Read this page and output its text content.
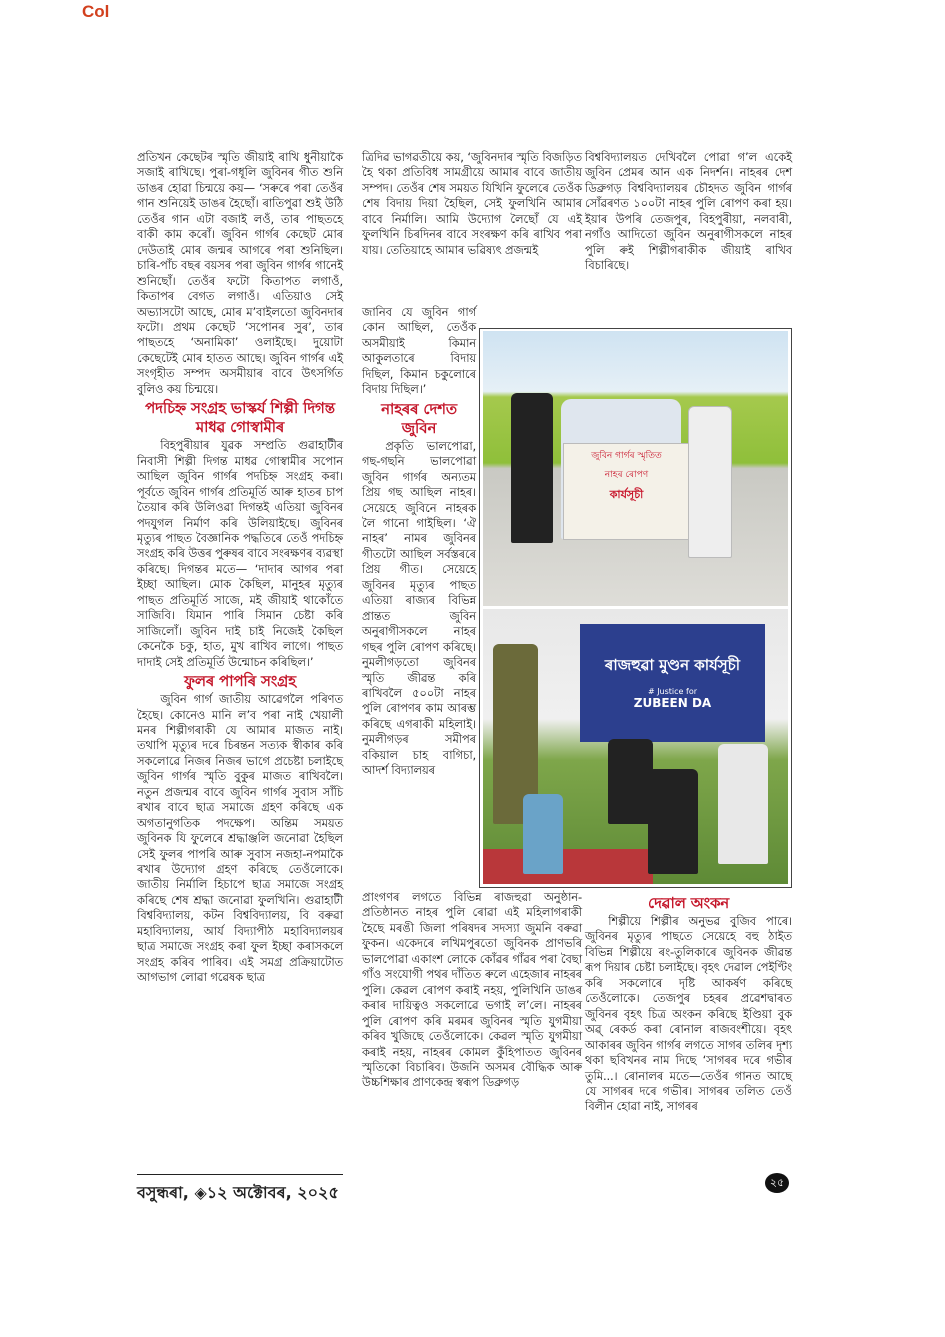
Col

প্ৰতিখন কেছেটৰ স্মৃতি জীয়াই ৰাখি ধুনীয়াকৈ সজাই ৰাখিছে। পুৰা-গধূলি জুবিনৰ গীত শুনি ডাঙৰ হোৱা চিন্ময়ে কয়— ‘সৰুৰে পৰা তেওঁৰ গান শুনিয়েই ডাঙৰ হৈছোঁ। ৰাতিপুৱা শুই উঠি তেওঁৰ গান এটা বজাই লওঁ, তাৰ পাছতহে বাকী কাম কৰোঁ। জুবিন গাৰ্গৰ কেছেট মোৰ দেউতাই মোৰ জন্মৰ আগৰে পৰা শুনিছিল। চাৰি-পাঁচ বছৰ বয়সৰ পৰা জুবিন গাৰ্গৰ গানেই শুনিছোঁ। তেওঁৰ ফটো কিতাপত লগাওঁ, কিতাপৰ বেগত লগাওঁ। এতিয়াও সেই অভ্যাসটো আছে, মোৰ ম’বাইলতো জুবিনদাৰ ফটো। প্ৰথম কেছেট ‘সপোনৰ সুৰ’, তাৰ পাছতহে ‘অনামিকা’ ওলাইছে। দুয়োটা কেছেটেই মোৰ হাতত আছে। জুবিন গাৰ্গৰ এই সংগৃহীত সম্পদ অসমীয়াৰ বাবে উৎসৰ্গিত বুলিও কয় চিন্ময়ে।

পদচিহ্ন সংগ্ৰহ ভাস্কৰ্য শিল্পী দিগন্ত মাধৱ গোস্বামীৰ

বিহপুৰীয়াৰ যুৱক সম্প্ৰতি গুৱাহাটীৰ নিবাসী শিল্পী দিগন্ত মাধৱ গোস্বামীৰ সপোন আছিল জুবিন গাৰ্গৰ পদচিহ্ন সংগ্ৰহ কৰা। পূৰ্বতে জুবিন গাৰ্গৰ প্ৰতিমূৰ্তি আৰু হাতৰ চাপ তৈয়াৰ কৰি উলিওৱা দিগন্তই এতিয়া জুবিনৰ পদযুগল নিৰ্মাণ কৰি উলিয়াইছে। জুবিনৰ মৃত্যুৰ পাছত বৈজ্ঞানিক পদ্ধতিৰে তেওঁ পদচিহ্ন সংগ্ৰহ কৰি উত্তৰ পুৰুষৰ বাবে সংৰক্ষণৰ ব্যৱস্থা কৰিছে। দিগন্তৰ মতে— ‘দাদাৰ আগৰ পৰা ইচ্ছা আছিল। মোক কৈছিল, মানুহৰ মৃত্যুৰ পাছত প্ৰতিমূৰ্তি সাজে, মই জীয়াই থাকোঁতে সাজিবি। যিমান পাৰি সিমান চেষ্টা কৰি সাজিলোঁ। জুবিন দাই চাই নিজেই কৈছিল কেনেকৈ চকু, হাত, মুখ ৰাখিব লাগে। পাছত দাদাই সেই প্ৰতিমূৰ্তি উন্মোচন কৰিছিল।’

ফুলৰ পাপৰি সংগ্ৰহ

জুবিন গাৰ্গ জাতীয় আৱেগলৈ পৰিণত হৈছে। কোনেও মানি ল’ব পৰা নাই খেয়ালী মনৰ শিল্পীগৰাকী যে আমাৰ মাজত নাই। তথাপি মৃত্যুৰ দৰে চিৰন্তন সত্যক স্বীকাৰ কৰি সকলোৱে নিজৰ নিজৰ ভাগে প্ৰচেষ্টা চলাইছে জুবিন গাৰ্গৰ স্মৃতি বুকুৰ মাজত ৰাখিবলৈ। নতুন প্ৰজন্মৰ বাবে জুবিন গাৰ্গৰ সুবাস সাঁচি ৰখাৰ বাবে ছাত্ৰ সমাজে গ্ৰহণ কৰিছে এক অগতানুগতিক পদক্ষেপ। অন্তিম সময়ত জুবিনক যি ফুলেৰে শ্ৰদ্ধাঞ্জলি জনোৱা হৈছিল সেই ফুলৰ পাপৰি আৰু সুবাস নজহা-নপমাকৈ ৰখাৰ উদ্যোগ গ্ৰহণ কৰিছে তেওঁলোকে। জাতীয় নিৰ্মালি হিচাপে ছাত্ৰ সমাজে সংগ্ৰহ কৰিছে শেষ শ্ৰদ্ধা জনোৱা ফুলখিনি। গুৱাহাটী বিশ্ববিদ্যালয়, কটন বিশ্ববিদ্যালয়, বি বৰুৱা মহাবিদ্যালয়, আৰ্য বিদ্যাপীঠ মহাবিদ্যালয়ৰ ছাত্ৰ সমাজে সংগ্ৰহ কৰা ফুল ইচ্ছা কৰাসকলে সংগ্ৰহ কৰিব পাৰিব। এই সমগ্ৰ প্ৰক্ৰিয়াটোত আগভাগ লোৱা গৱেষক ছাত্ৰ

ত্ৰিদিৱ ভাগৱতীয়ে কয়, ‘জুবিনদাৰ স্মৃতি বিজড়িত হৈ থকা প্ৰতিবিধ সামগ্ৰীয়ে আমাৰ বাবে জাতীয় সম্পদ। তেওঁৰ শেষ সময়ত যিখিনি ফুলেৰে তেওঁক শেষ বিদায় দিয়া হৈছিল, সেই ফুলখিনি আমাৰ বাবে নিৰ্মালি। আমি উদ্যোগ লৈছোঁ যে এই ফুলখিনি চিৰদিনৰ বাবে সংৰক্ষণ কৰি ৰাখিব পৰা যায়। তেতিয়াহে আমাৰ ভৱিষ্যৎ প্ৰজন্মই

জানিব যে জুবিন গাৰ্গ কোন আছিল, তেওঁক অসমীয়াই কিমান আকুলতাৰে বিদায় দিছিল, কিমান চকুলোৰে বিদায় দিছিল।’

নাহৰৰ দেশত জুবিন

প্ৰকৃতি ভালপোৱা, গছ-গছনি ভালপোৱা জুবিন গাৰ্গৰ অন্যতম প্ৰিয় গছ আছিল নাহৰ। সেয়েহে জুবিনে নাহৰক লৈ গানো গাইছিল। ‘ঐ নাহৰ’ নামৰ জুবিনৰ গীতটো আছিল সৰ্বস্তৰৰে প্ৰিয় গীত। সেয়েহে জুবিনৰ মৃত্যুৰ পাছত এতিয়া ৰাজ্যৰ বিভিন্ন প্ৰান্তত জুবিন অনুৰাগীসকলে নাহৰ গছৰ পুলি ৰোপণ কৰিছে। নুমলীগড়তো জুবিনৰ স্মৃতি জীৱন্ত কৰি ৰাখিবলৈ ৫০০টা নাহৰ পুলি ৰোপণৰ কাম আৰম্ভ কৰিছে এগৰাকী মহিলাই। নুমলীগড়ৰ সমীপৰ বকিয়াল চাহ বাগিচা, আদৰ্শ বিদ্যালয়ৰ

প্ৰাংগণৰ লগতে বিভিন্ন ৰাজহুৱা অনুষ্ঠান-প্ৰতিষ্ঠানত নাহৰ পুলি ৰোৱা এই মহিলাগৰাকী হৈছে মৰঙী জিলা পৰিষদৰ সদস্যা জুমনি বৰুৱা ফুকন। একেদৰে লখিমপুৰতো জুবিনক প্ৰাণভৰি ভালপোৱা একাংশ লোকে কোঁৱৰ গাঁৱৰ পৰা বৈছা গাঁও সংযোগী পথৰ দাঁতিত ৰুলে এহেজাৰ নাহৰৰ পুলি। কেৱল ৰোপণ কৰাই নহয়, পুলিখিনি ডাঙৰ কৰাৰ দায়িত্বও সকলোৱে ভগাই ল’লে। নাহৰৰ পুলি ৰোপণ কৰি মৰমৰ জুবিনৰ স্মৃতি যুগমীয়া কৰিব খুজিছে তেওঁলোকে। কেৱল স্মৃতি যুগমীয়া কৰাই নহয়, নাহৰৰ কোমল কুঁহিপাতত জুবিনৰ স্মৃতিকো বিচাৰিব। উজনি অসমৰ বৌদ্ধিক আৰু উচ্চশিক্ষাৰ প্ৰাণকেন্দ্ৰ স্বৰূপ ডিব্ৰুগড়

বিশ্ববিদ্যালয়ত দেখিবলৈ পোৱা গ’ল একেই জুবিন প্ৰেমৰ আন এক নিদৰ্শন। নাহৰৰ দেশ ডিব্ৰুগড় বিশ্ববিদ্যালয়ৰ চৌহদত জুবিন গাৰ্গৰ সোঁৱৰণত ১০০টা নাহৰ পুলি ৰোপণ কৰা হয়। ইয়াৰ উপৰি তেজপুৰ, বিহপুৰীয়া, নলবাৰী, নগাঁও আদিতো জুবিন অনুৰাগীসকলে নাহৰ পুলি ৰুই শিল্পীগৰাকীক জীয়াই ৰাখিব বিচাৰিছে।

জুবিন গাৰ্গৰ স্মৃতিত
নাহৰ ৰোপণ
কাৰ্যসূচী
ৰাজহুৱা মুণ্ডন কাৰ্যসূচী
# Justice for
ZUBEEN DA
দেৱাল অংকন

শিল্পীয়ে শিল্পীৰ অনুভৱ বুজিব পাৰে। জুবিনৰ মৃত্যুৰ পাছতে সেয়েহে বহু ঠাইত বিভিন্ন শিল্পীয়ে ৰং-তুলিকাৰে জুবিনক জীৱন্ত ৰূপ দিয়াৰ চেষ্টা চলাইছে। বৃহৎ দেৱাল পেইণ্টিং কৰি সকলোৰে দৃষ্টি আকৰ্ষণ কৰিছে তেওঁলোকে। তেজপুৰ চহৰৰ প্ৰৱেশদ্বাৰত জুবিনৰ বৃহৎ চিত্ৰ অংকন কৰিছে ইণ্ডিয়া বুক অৱ্ ৰেকৰ্ড কৰা ৰোনাল ৰাজবংশীয়ে। বৃহৎ আকাৰৰ জুবিন গাৰ্গৰ লগতে সাগৰ তলিৰ দৃশ্য থকা ছবিখনৰ নাম দিছে ‘সাগৰৰ দৰে গভীৰ তুমি...। ৰোনালৰ মতে—তেওঁৰ গানত আছে যে সাগৰৰ দৰে গভীৰ। সাগৰৰ তলিত তেওঁ বিলীন হোৱা নাই, সাগৰৰ

বসুন্ধৰা, ◈১২ অক্টোবৰ, ২০২৫
২৫
